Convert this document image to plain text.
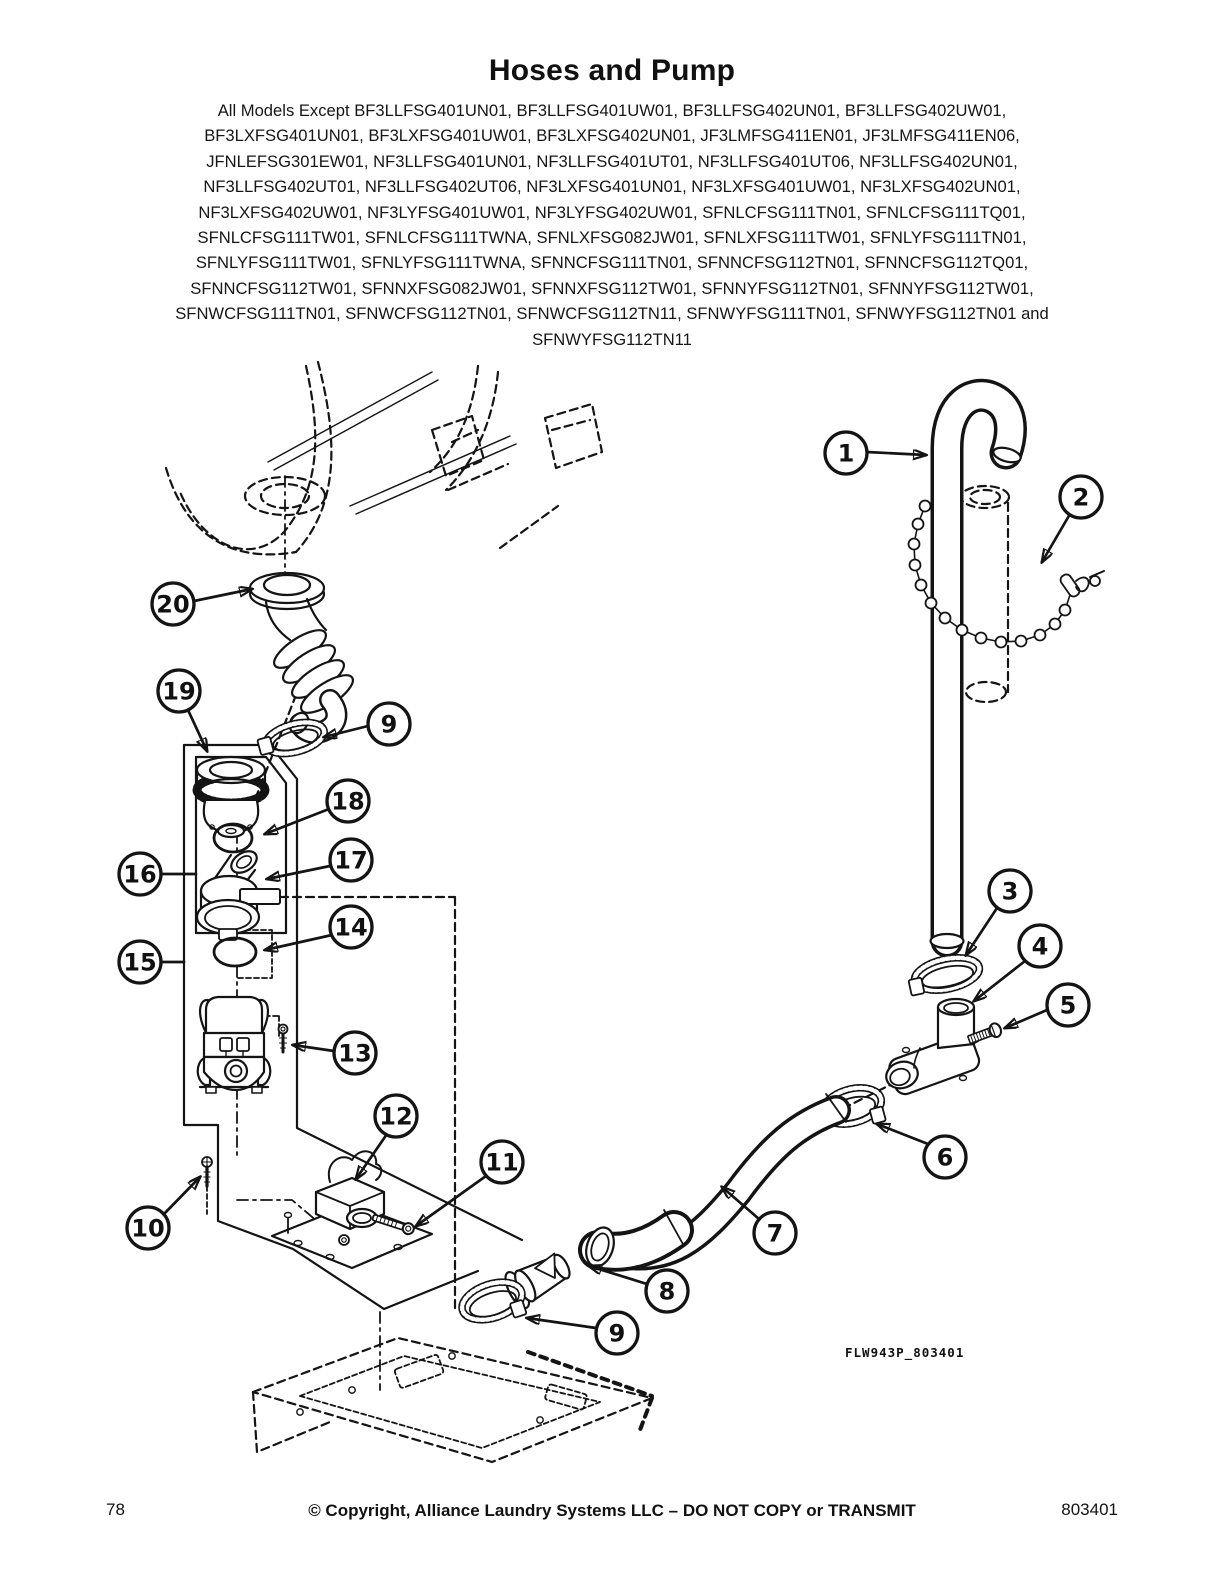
Hoses and Pump
All Models Except BF3LLFSG401UN01, BF3LLFSG401UW01, BF3LLFSG402UN01, BF3LLFSG402UW01,
BF3LXFSG401UN01, BF3LXFSG401UW01, BF3LXFSG402UN01, JF3LMFSG411EN01, JF3LMFSG411EN06,
JFNLEFSG301EW01, NF3LLFSG401UN01, NF3LLFSG401UT01, NF3LLFSG401UT06, NF3LLFSG402UN01,
NF3LLFSG402UT01, NF3LLFSG402UT06, NF3LXFSG401UN01, NF3LXFSG401UW01, NF3LXFSG402UN01,
NF3LXFSG402UW01, NF3LYFSG401UW01, NF3LYFSG402UW01, SFNLCFSG111TN01, SFNLCFSG111TQ01,
SFNLCFSG111TW01, SFNLCFSG111TWNA, SFNLXFSG082JW01, SFNLXFSG111TW01, SFNLYFSG111TN01,
SFNLYFSG111TW01, SFNLYFSG111TWNA, SFNNCFSG111TN01, SFNNCFSG112TN01, SFNNCFSG112TQ01,
SFNNCFSG112TW01, SFNNXFSG082JW01, SFNNXFSG112TW01, SFNNYFSG112TN01, SFNNYFSG112TW01,
SFNWCFSG111TN01, SFNWCFSG112TN01, SFNWCFSG112TN11, SFNWYFSG111TN01, SFNWYFSG112TN01 and
SFNWYFSG112TN11
FLW943P_803401
1
2
3
4
5
6
7
8
9
9
10
11
12
13
14
15
16	17
18
19
20
78	© Copyright, Alliance Laundry Systems LLC – DO NOT COPY or TRANSMIT	803401
